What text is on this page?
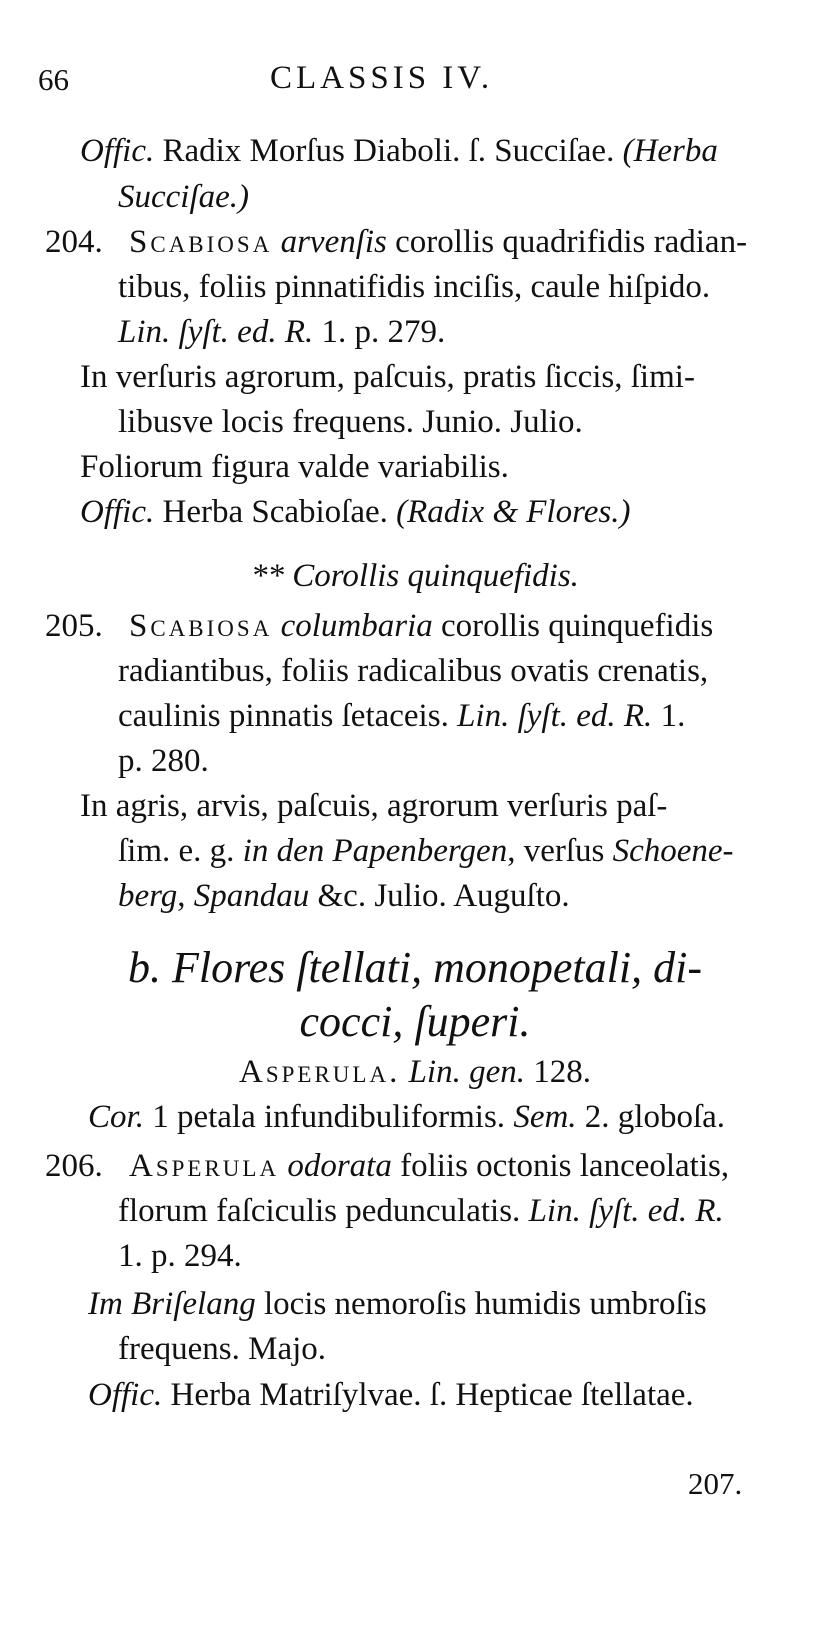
66	CLASSIS IV.
Offic. Radix Morſus Diaboli. ſ. Succiſae. (Herba
Succiſae.)
204. Scabiosa arvenſis corollis quadrifidis radian-
tibus, foliis pinnatifidis inciſis, caule hiſpido.
Lin. ſyſt. ed. R. 1. p. 279.
In verſuris agrorum, paſcuis, pratis ſiccis, ſimi-
libusve locis frequens. Junio. Julio.
Foliorum figura valde variabilis.
Offic. Herba Scabioſae. (Radix & Flores.)
** Corollis quinquefidis.
205. Scabiosa columbaria corollis quinquefidis
radiantibus, foliis radicalibus ovatis crenatis,
caulinis pinnatis ſetaceis. Lin. ſyſt. ed. R. 1.
p. 280.
In agris, arvis, paſcuis, agrorum verſuris paſ-
ſim. e. g. in den Papenbergen, verſus Schoene-
berg, Spandau &c. Julio. Auguſto.
b. Flores ſtellati, monopetali, di-
cocci, ſuperi.
Asperula. Lin. gen. 128.
Cor. 1 petala infundibuliformis. Sem. 2. globoſa.
206. Asperula odorata foliis octonis lanceolatis,
florum faſciculis pedunculatis. Lin. ſyſt. ed. R.
1. p. 294.
Im Briſelang locis nemoroſis humidis umbroſis
frequens. Majo.
Offic. Herba Matriſylvae. ſ. Hepticae ſtellatae.
207.
